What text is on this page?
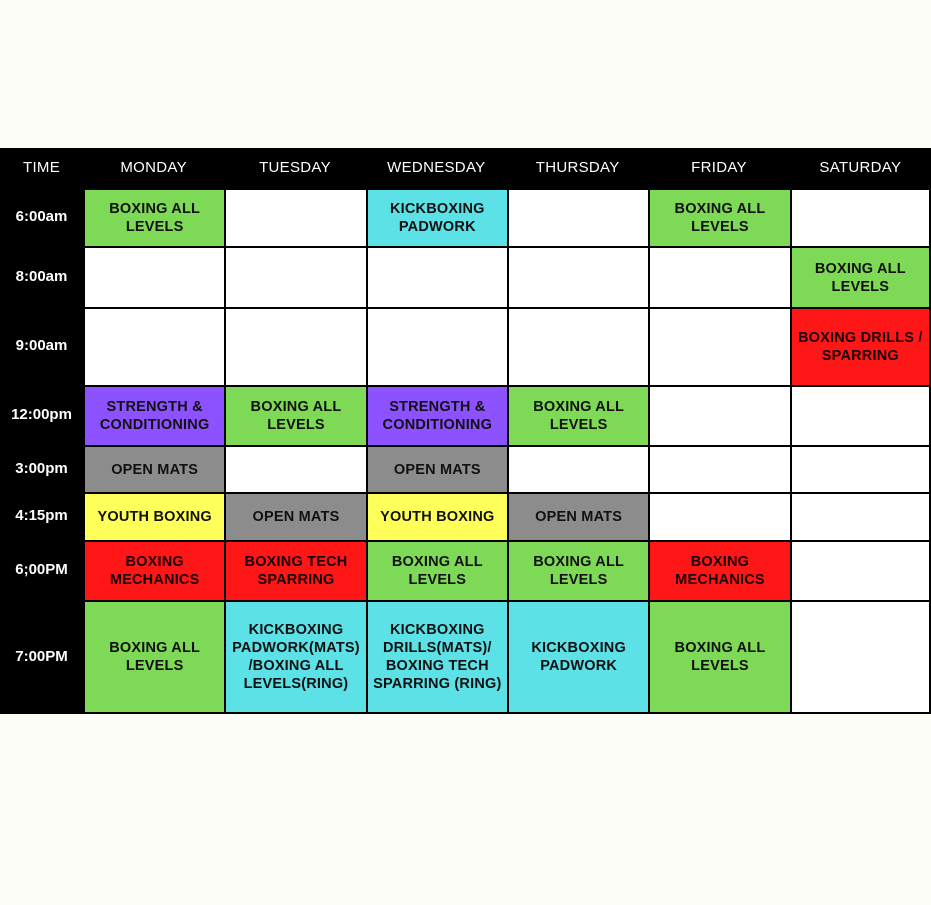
TIME	MONDAY	TUESDAY	WEDNESDAY	THURSDAY	FRIDAY	SATURDAY
6:00am	BOXING ALL LEVELS		KICKBOXING PADWORK		BOXING ALL LEVELS	
8:00am						BOXING ALL LEVELS
9:00am						BOXING DRILLS / SPARRING
12:00pm	STRENGTH & CONDITIONING	BOXING ALL LEVELS	STRENGTH & CONDITIONING	BOXING ALL LEVELS		
3:00pm	OPEN MATS		OPEN MATS			
4:15pm	YOUTH BOXING	OPEN MATS	YOUTH BOXING	OPEN MATS		
6;00PM	BOXING MECHANICS	BOXING TECH SPARRING	BOXING ALL LEVELS	BOXING ALL LEVELS	BOXING MECHANICS	
7:00PM	BOXING ALL LEVELS	KICKBOXING PADWORK(MATS)/BOXING ALL LEVELS(RING)	KICKBOXING DRILLS(MATS)/ BOXING TECH SPARRING (RING)	KICKBOXING PADWORK	BOXING ALL LEVELS	
